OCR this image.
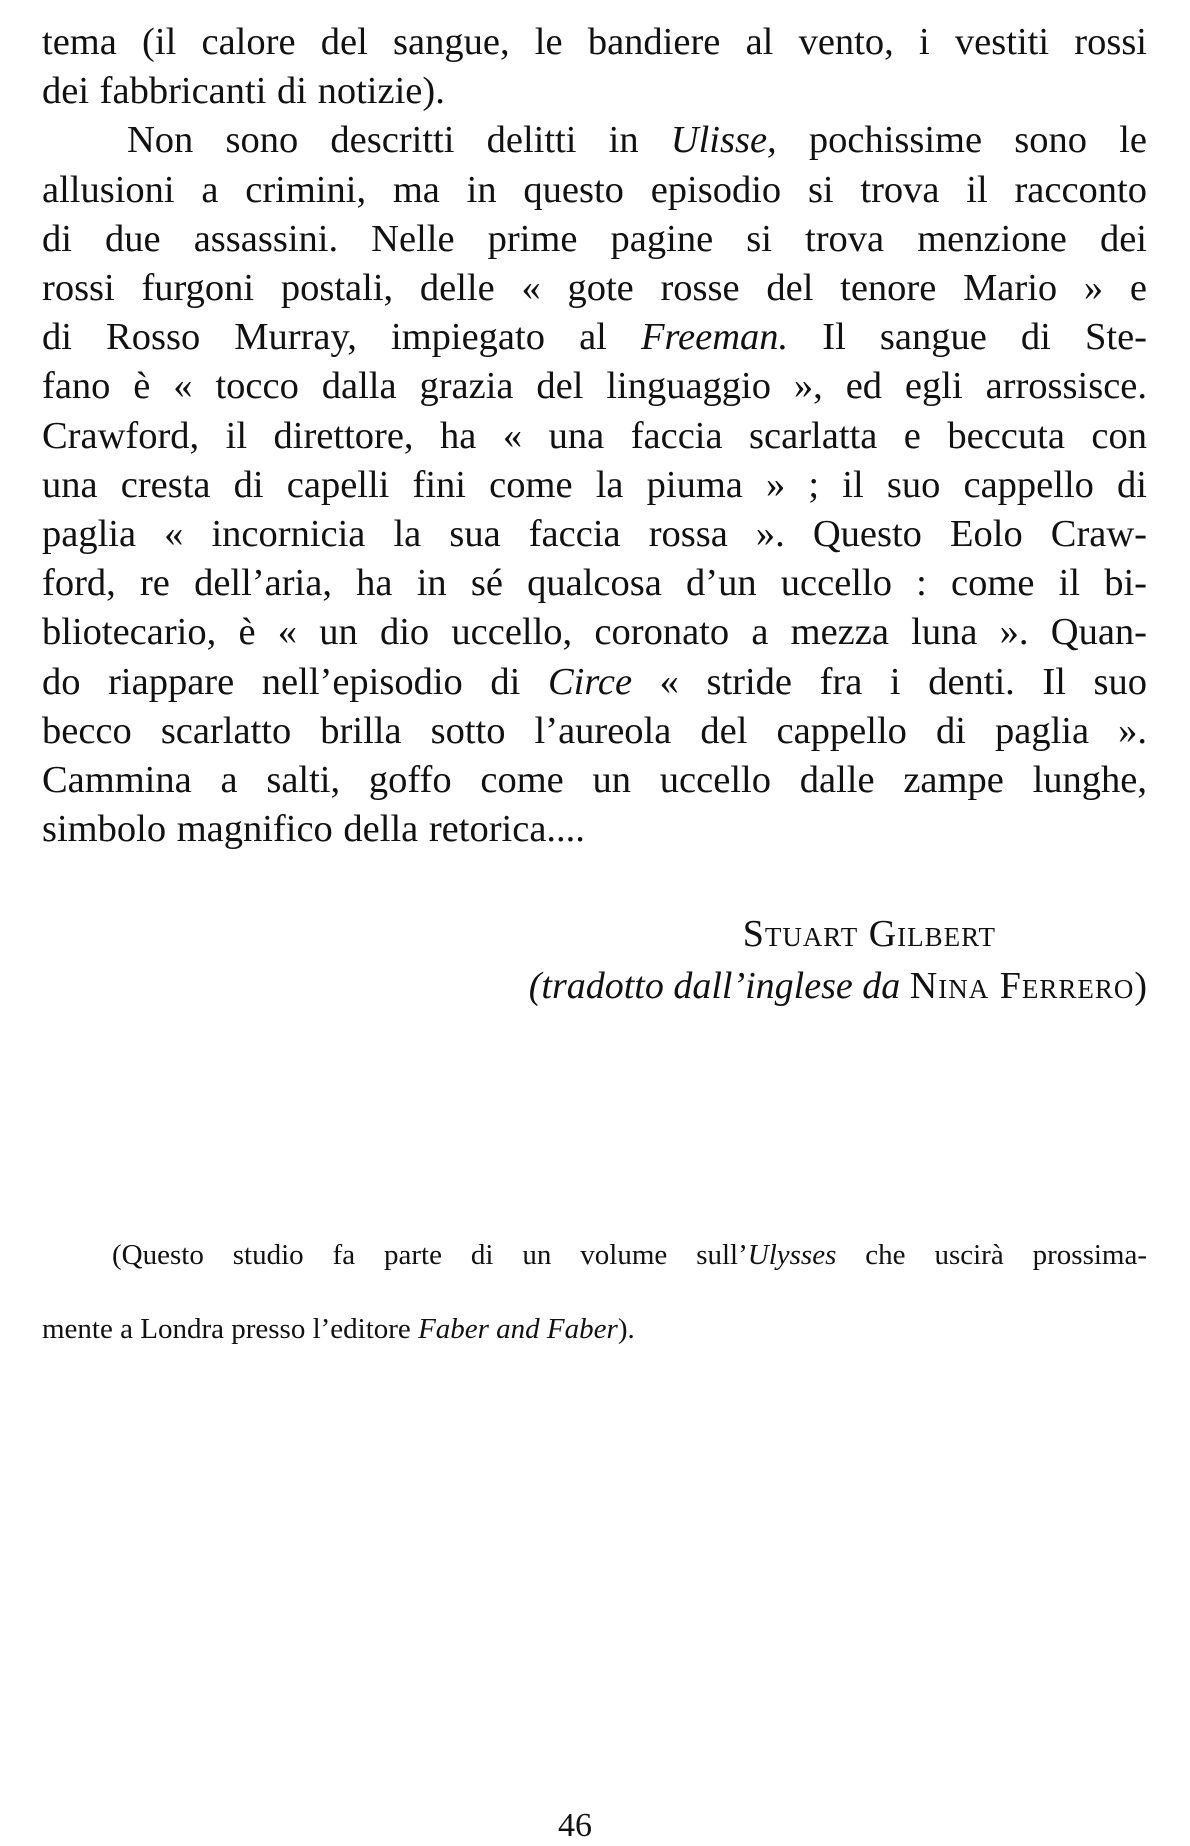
tema (il calore del sangue, le bandiere al vento, i vestiti rossi
dei fabbricanti di notizie).

Non sono descritti delitti in Ulisse, pochissime sono le
allusioni a crimini, ma in questo episodio si trova il racconto
di due assassini. Nelle prime pagine si trova menzione dei
rossi furgoni postali, delle « gote rosse del tenore Mario » e
di Rosso Murray, impiegato al Freeman. Il sangue di Ste-
fano è « tocco dalla grazia del linguaggio », ed egli arrossisce.
Crawford, il direttore, ha « una faccia scarlatta e beccuta con
una cresta di capelli fini come la piuma » ; il suo cappello di
paglia « incornicia la sua faccia rossa ». Questo Eolo Craw-
ford, re dell’aria, ha in sé qualcosa d’un uccello : come il bi-
bliotecario, è « un dio uccello, coronato a mezza luna ». Quan-
do riappare nell’episodio di Circe « stride fra i denti. Il suo
becco scarlatto brilla sotto l’aureola del cappello di paglia ».
Cammina a salti, goffo come un uccello dalle zampe lunghe,
simbolo magnifico della retorica....

Stuart Gilbert
(tradotto dall’inglese da Nina Ferrero)
(Questo studio fa parte di un volume sull’Ulysses che uscirà prossima-
mente a Londra presso l’editore Faber and Faber).
46
